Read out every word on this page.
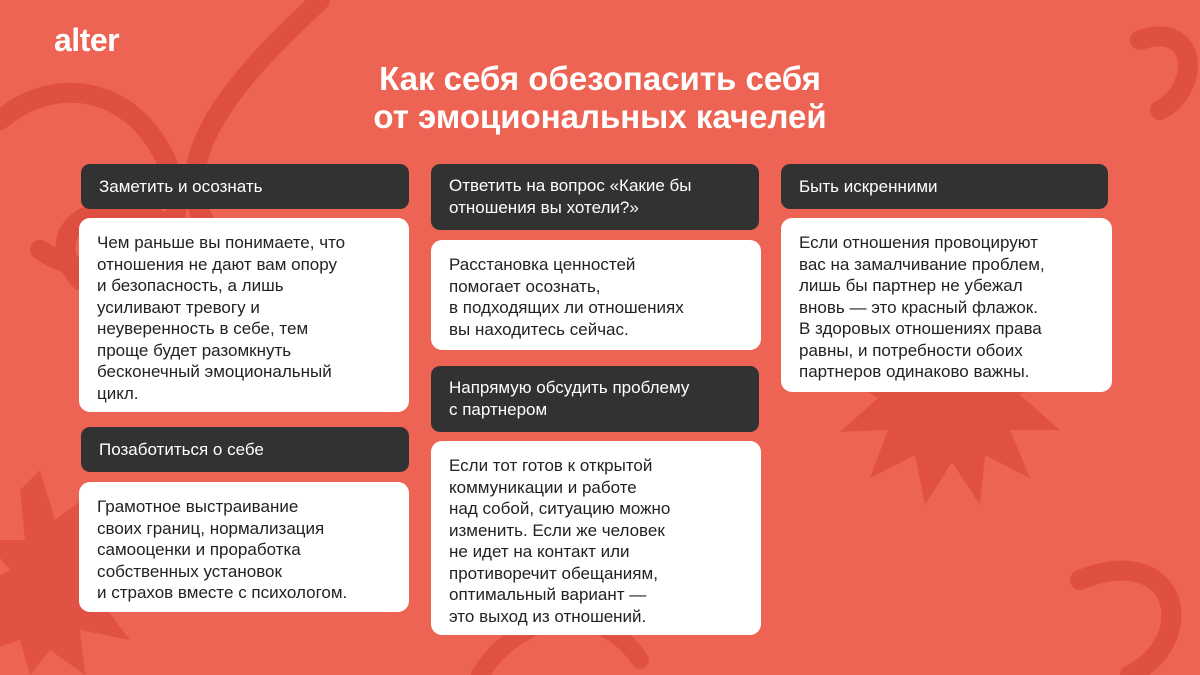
alter
Как себя обезопасить себя
от эмоциональных качелей
Заметить и осознать
Чем раньше вы понимаете, что
отношения не дают вам опору
и безопасность, а лишь
усиливают тревогу и
неуверенность в себе, тем
проще будет разомкнуть
бесконечный эмоциональный
цикл.
Позаботиться о себе
Грамотное выстраивание
своих границ, нормализация
самооценки и проработка
собственных установок
и страхов вместе с психологом.
Ответить на вопрос «Какие бы
отношения вы хотели?»
Расстановка ценностей
помогает осознать,
в подходящих ли отношениях
вы находитесь сейчас.
Напрямую обсудить проблему
с партнером
Если тот готов к открытой
коммуникации и работе
над собой, ситуацию можно
изменить. Если же человек
не идет на контакт или
противоречит обещаниям,
оптимальный вариант —
это выход из отношений.
Быть искренними
Если отношения провоцируют
вас на замалчивание проблем,
лишь бы партнер не убежал
вновь — это красный флажок.
В здоровых отношениях права
равны, и потребности обоих
партнеров одинаково важны.
